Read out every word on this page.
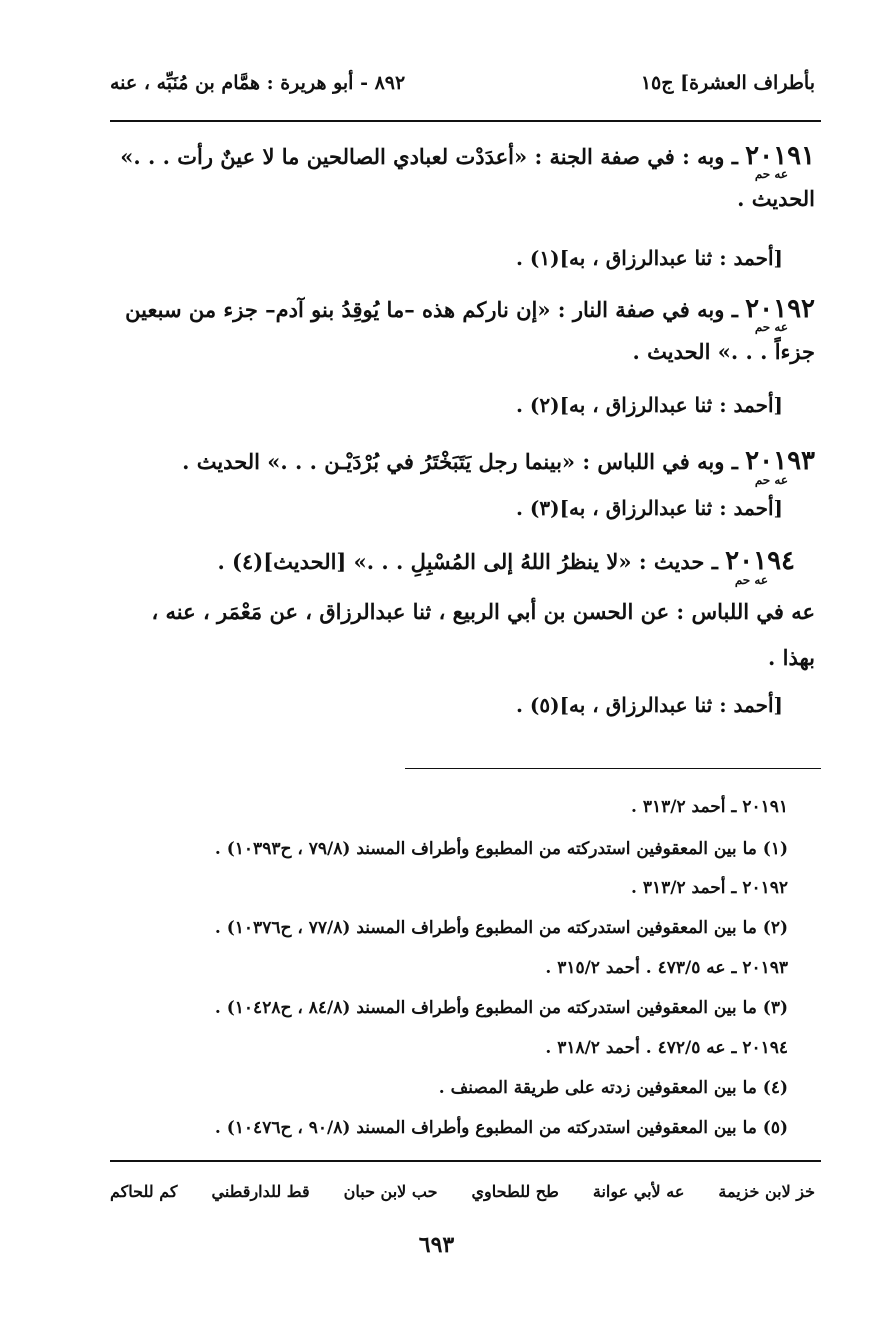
بأطراف العشرة] ج١٥
٨٩٢ - أبو هريرة : همَّام بن مُنَبِّه ، عنه
٢٠١٩١ ـ وبه : في صفة الجنة : «أعدَدْت لعبادي الصالحين ما لا عينٌ رأت . . .»
الحديث .
عه حم
[أحمد : ثنا عبدالرزاق ، به](١) .
٢٠١٩٢ ـ وبه في صفة النار : «إن ناركم هذه –ما يُوقِدُ بنو آدم– جزء من سبعين
جزءاً . . .» الحديث .
عه حم
[أحمد : ثنا عبدالرزاق ، به](٢) .
٢٠١٩٣ ـ وبه في اللباس : «بينما رجل يَتَبَخْتَرُ في بُرْدَيْـن . . .» الحديث .
عه حم
[أحمد : ثنا عبدالرزاق ، به](٣) .
٢٠١٩٤ ـ حديث : «لا ينظرُ اللهُ إلى المُسْبِلِ . . .» [الحديث](٤) .
عه في اللباس : عن الحسن بن أبي الربيع ، ثنا عبدالرزاق ، عن مَعْمَر ، عنه ،
بهذا .
عه حم
[أحمد : ثنا عبدالرزاق ، به](٥) .
٢٠١٩١ ـ أحمد ٣١٣/٢ .
(١) ما بين المعقوفين استدركته من المطبوع وأطراف المسند (٧٩/٨ ، ح١٠٣٩٣) .
٢٠١٩٢ ـ أحمد ٣١٣/٢ .
(٢) ما بين المعقوفين استدركته من المطبوع وأطراف المسند (٧٧/٨ ، ح١٠٣٧٦) .
٢٠١٩٣ ـ عه ٤٧٣/٥ . أحمد ٣١٥/٢ .
(٣) ما بين المعقوفين استدركته من المطبوع وأطراف المسند (٨٤/٨ ، ح١٠٤٢٨) .
٢٠١٩٤ ـ عه ٤٧٢/٥ . أحمد ٣١٨/٢ .
(٤) ما بين المعقوفين زدته على طريقة المصنف .
(٥) ما بين المعقوفين استدركته من المطبوع وأطراف المسند (٩٠/٨ ، ح١٠٤٧٦) .
خز لابن خزيمة
عه لأبي عوانة
طح للطحاوي
حب لابن حبان
قط للدارقطني
كم للحاكم
٦٩٣
